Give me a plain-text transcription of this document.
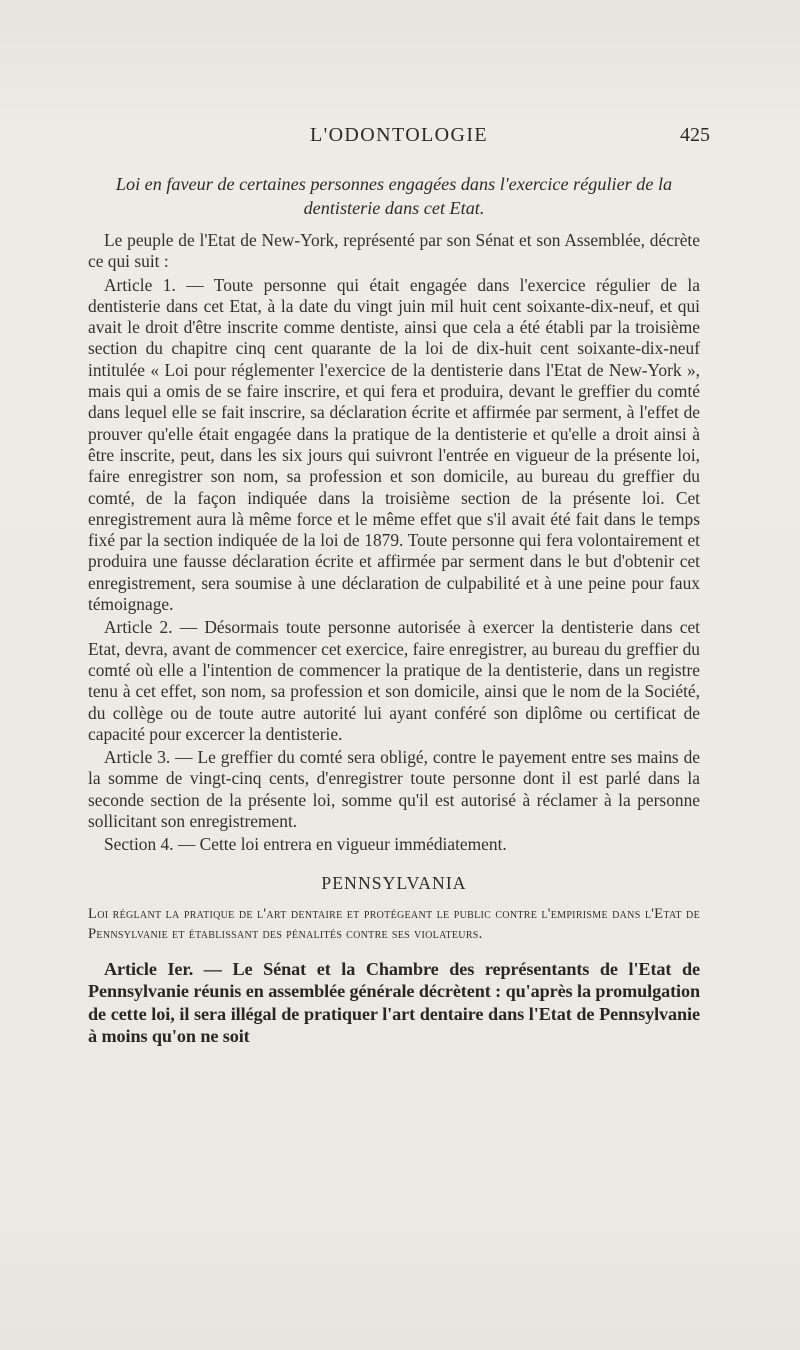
L'ODONTOLOGIE	425
Loi en faveur de certaines personnes engagées dans l'exercice régulier de la dentisterie dans cet Etat.

Le peuple de l'Etat de New-York, représenté par son Sénat et son Assemblée, décrète ce qui suit :

Article 1. — Toute personne qui était engagée dans l'exercice régulier de la dentisterie dans cet Etat, à la date du vingt juin mil huit cent soixante-dix-neuf, et qui avait le droit d'être inscrite comme dentiste, ainsi que cela a été établi par la troisième section du chapitre cinq cent quarante de la loi de dix-huit cent soixante-dix-neuf intitulée « Loi pour réglementer l'exercice de la dentisterie dans l'Etat de New-York », mais qui a omis de se faire inscrire, et qui fera et produira, devant le greffier du comté dans lequel elle se fait inscrire, sa déclaration écrite et affirmée par serment, à l'effet de prouver qu'elle était engagée dans la pratique de la dentisterie et qu'elle a droit ainsi à être inscrite, peut, dans les six jours qui suivront l'entrée en vigueur de la présente loi, faire enregistrer son nom, sa profession et son domicile, au bureau du greffier du comté, de la façon indiquée dans la troisième section de la présente loi. Cet enregistrement aura là même force et le même effet que s'il avait été fait dans le temps fixé par la section indiquée de la loi de 1879. Toute personne qui fera volontairement et produira une fausse déclaration écrite et affirmée par serment dans le but d'obtenir cet enregistrement, sera soumise à une déclaration de culpabilité et à une peine pour faux témoignage.

Article 2. — Désormais toute personne autorisée à exercer la dentisterie dans cet Etat, devra, avant de commencer cet exercice, faire enregistrer, au bureau du greffier du comté où elle a l'intention de commencer la pratique de la dentisterie, dans un registre tenu à cet effet, son nom, sa profession et son domicile, ainsi que le nom de la Société, du collège ou de toute autre autorité lui ayant conféré son diplôme ou certificat de capacité pour excercer la dentisterie.

Article 3. — Le greffier du comté sera obligé, contre le payement entre ses mains de la somme de vingt-cinq cents, d'enregistrer toute personne dont il est parlé dans la seconde section de la présente loi, somme qu'il est autorisé à réclamer à la personne sollicitant son enregistrement.

Section 4. — Cette loi entrera en vigueur immédiatement.

PENNSYLVANIA

Loi réglant la pratique de l'art dentaire et protégeant le public contre l'empirisme dans l'Etat de Pennsylvanie et établissant des pénalités contre ses violateurs.

Article Ier. — Le Sénat et la Chambre des représentants de l'Etat de Pennsylvanie réunis en assemblée générale décrètent : qu'après la promulgation de cette loi, il sera illégal de pratiquer l'art dentaire dans l'Etat de Pennsylvanie à moins qu'on ne soit
